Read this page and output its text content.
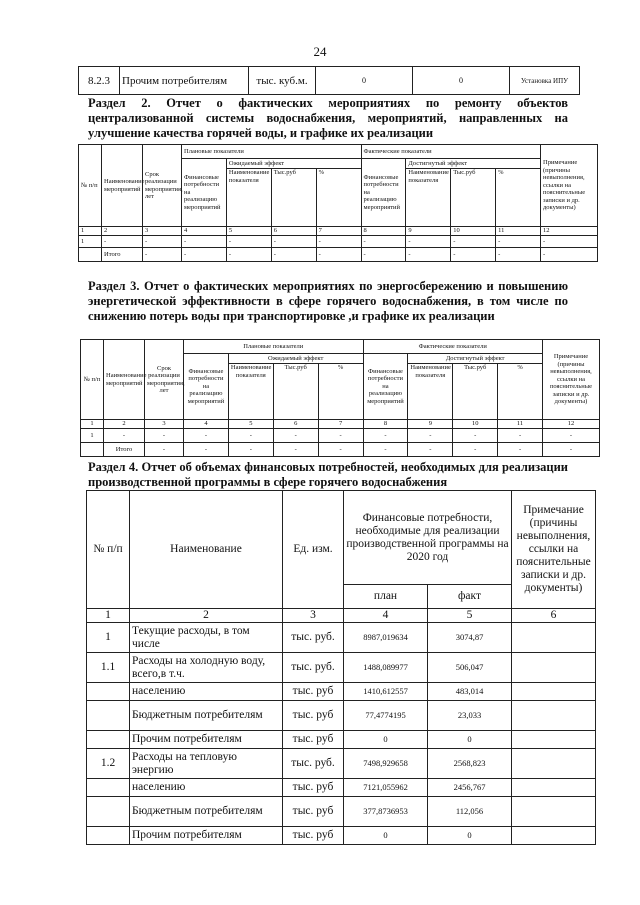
24
8.2.3	Прочим потребителям	тыс. куб.м.	0	0	Установка ИПУ
Раздел 2. Отчет о фактических мероприятиях по ремонту объектов централизованной системы водоснабжения, мероприятий, направленных на улучшение качества горячей воды, и графике их реализации
№ п/п	Наименование мероприятий	Срок реализации мероприятия, лет	Плановые показатели				Фактические показатели				Примечание (причины невыполнения, ссылки на пояснительные записки и др. документы)
			Финансовые потребности на реализацию мероприятий	Ожидаемый эффект			Финансовые потребности на реализацию мероприятий	Достигнутый эффект			
				Наименование показателя	Тыс.руб	%		Наименование показателя	Тыс.руб	%	
1	2	3	4	5	6	7	8	9	10	11	12
1	-	-	-	-	-	-	-	-	-	-	-
	Итого	-	-	-	-	-	-	-	-	-	-
Раздел 3. Отчет о фактических мероприятиях по энергосбережению и повышению энергетической эффективности в сфере горячего водоснабжения, в том числе по снижению потерь воды при транспортировке ,и графике их реализации
№ п/п	Наименование мероприятий	Срок реализации мероприятия, лет	Плановые показатели				Фактические показатели				Примечание (причины невыполнения, ссылки на пояснительные записки и др. документы)
			Финансовые потребности на реализацию мероприятий	Ожидаемый эффект			Финансовые потребности на реализацию мероприятий	Достигнутый эффект			
				Наименование показателя	Тыс.руб	%		Наименование показателя	Тыс.руб	%	
1	2	3	4	5	6	7	8	9	10	11	12
1	-	-	-	-	-	-	-	-	-	-	-
	Итого	-	-	-	-	-	-	-	-	-	-
Раздел 4. Отчет об объемах финансовых потребностей, необходимых для реализации производственной программы в сфере горячего водоснабжения
№ п/п	Наименование	Ед. изм.	Финансовые потребности, необходимые для реализации производственной программы на 2020 год		Примечание (причины невыполнения, ссылки на пояснительные записки и др. документы)
			план	факт	
1	2	3	4	5	6
1	Текущие расходы, в том числе	тыс. руб.	8987,019634	3074,87	
1.1	Расходы на холодную воду, всего,в т.ч.	тыс. руб.	1488,089977	506,047	
	населению	тыс. руб	1410,612557	483,014	
	Бюджетным потребителям	тыс. руб	77,4774195	23,033	
	Прочим потребителям	тыс. руб	0	0	
1.2	Расходы на тепловую энергию	тыс. руб.	7498,929658	2568,823	
	населению	тыс. руб	7121,055962	2456,767	
	Бюджетным потребителям	тыс. руб	377,8736953	112,056	
	Прочим потребителям	тыс. руб	0	0	
